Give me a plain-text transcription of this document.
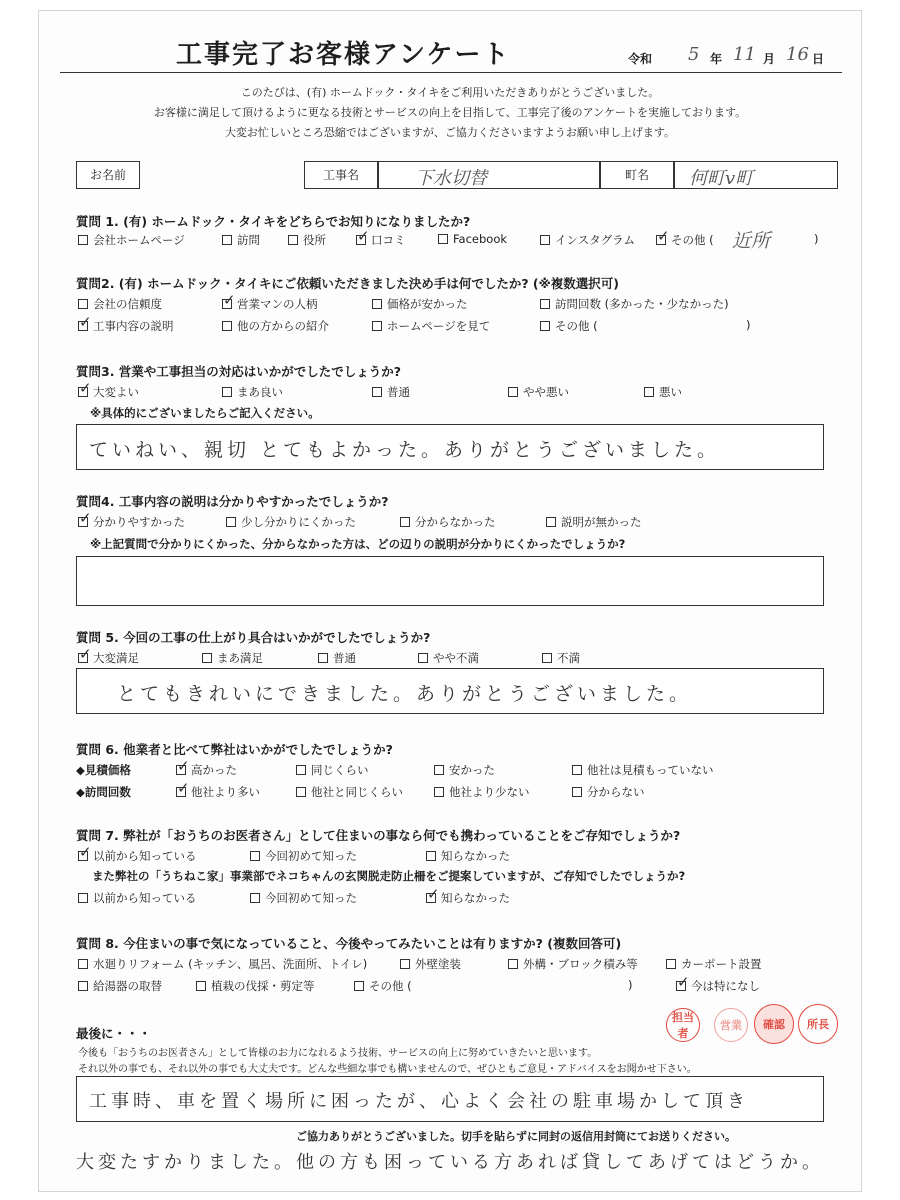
工事完了お客様アンケート	令和 5 年 11 月 16 日
このたびは、(有) ホームドック・タイキをご利用いただきありがとうございました。
お客様に満足して頂けるように更なる技術とサービスの向上を目指して、工事完了後のアンケートを実施しております。
大変お忙しいところ恐縮ではございますが、ご協力くださいますようお願い申し上げます。
お名前	工事名	下水切替	町名	何町ⅴ町
質問 1. (有) ホームドック・タイキをどちらでお知りになりましたか?
会社ホームページ	訪問	役所 ✓	口コミ	Facebook	インスタグラム ✓	その他 ( 近所	)
質問2. (有) ホームドック・タイキにご依頼いただきました決め手は何でしたか? (※複数選択可)
会社の信頼度 ✓	営業マンの人柄	価格が安かった	訪問回数 (多かった・少なかった)
✓工事内容の説明	他の方からの紹介	ホームページを見て	その他 (	)
質問3. 営業や工事担当の対応はいかがでしたでしょうか?
✓大変よい	まあ良い	普通	やや悪い	悪い
※具体的にございましたらご記入ください。
ていねい、親切 とてもよかった。ありがとうございました。
質問4. 工事内容の説明は分かりやすかったでしょうか?
✓分かりやすかった	少し分かりにくかった	分からなかった	説明が無かった
※上記質問で分かりにくかった、分からなかった方は、どの辺りの説明が分かりにくかったでしょうか?
質問 5. 今回の工事の仕上がり具合はいかがでしたでしょうか?
✓大変満足	まあ満足	普通	やや不満	不満
とてもきれいにできました。ありがとうございました。
質問 6. 他業者と比べて弊社はいかがでしたでしょうか?
◆見積価格 ✓	高かった	同じくらい	安かった	他社は見積もっていない
◆訪問回数 ✓	他社より多い	他社と同じくらい	他社より少ない	分からない
質問 7. 弊社が「おうちのお医者さん」として住まいの事なら何でも携わっていることをご存知でしょうか?
✓以前から知っている	今回初めて知った	知らなかった
また弊社の「うちねこ家」事業部でネコちゃんの玄関脱走防止柵をご提案していますが、ご存知でしたでしょうか?
以前から知っている	今回初めて知った ✓	知らなかった
質問 8. 今住まいの事で気になっていること、今後やってみたいことは有りますか? (複数回答可)
水廻りリフォーム (キッチン、風呂、洗面所、トイレ)	外壁塗装	外構・ブロック積み等	カーポート設置
給湯器の取替	植栽の伐採・剪定等	その他 (	) ✓	今は特になし
担当者
営業	確認	所長
最後に・・・
今後も「おうちのお医者さん」として皆様のお力になれるよう技術、サービスの向上に努めていきたいと思います。
それ以外の事でも、それ以外の事でも大丈夫です。どんな些細な事でも構いませんので、ぜひともご意見・アドバイスをお聞かせ下さい。
工事時、車を置く場所に困ったが、心よく会社の駐車場かして頂き
ご協力ありがとうございました。切手を貼らずに同封の返信用封筒にてお送りください。
大変たすかりました。他の方も困っている方あれば貸してあげてはどうか。
